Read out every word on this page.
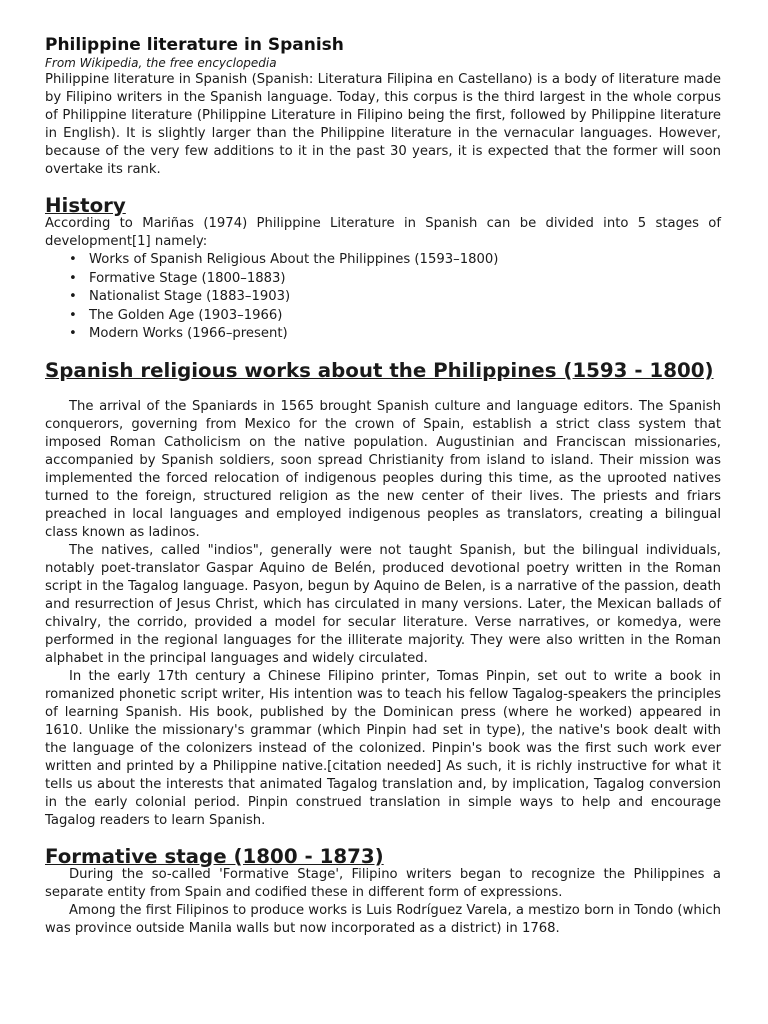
Philippine literature in Spanish

From Wikipedia, the free encyclopedia

Philippine literature in Spanish (Spanish: Literatura Filipina en Castellano) is a body of literature made by Filipino writers in the Spanish language. Today, this corpus is the third largest in the whole corpus of Philippine literature (Philippine Literature in Filipino being the first, followed by Philippine literature in English). It is slightly larger than the Philippine literature in the vernacular languages. However, because of the very few additions to it in the past 30 years, it is expected that the former will soon overtake its rank.

History

According to Mariñas (1974) Philippine Literature in Spanish can be divided into 5 stages of development[1] namely:

• Works of Spanish Religious About the Philippines (1593–1800)
• Formative Stage (1800–1883)
• Nationalist Stage (1883–1903)
• The Golden Age (1903–1966)
• Modern Works (1966–present)
Spanish religious works about the Philippines (1593 - 1800)

The arrival of the Spaniards in 1565 brought Spanish culture and language editors. The Spanish conquerors, governing from Mexico for the crown of Spain, establish a strict class system that imposed Roman Catholicism on the native population. Augustinian and Franciscan missionaries, accompanied by Spanish soldiers, soon spread Christianity from island to island. Their mission was implemented the forced relocation of indigenous peoples during this time, as the uprooted natives turned to the foreign, structured religion as the new center of their lives. The priests and friars preached in local languages and employed indigenous peoples as translators, creating a bilingual class known as ladinos.

The natives, called "indios", generally were not taught Spanish, but the bilingual individuals, notably poet-translator Gaspar Aquino de Belén, produced devotional poetry written in the Roman script in the Tagalog language. Pasyon, begun by Aquino de Belen, is a narrative of the passion, death and resurrection of Jesus Christ, which has circulated in many versions. Later, the Mexican ballads of chivalry, the corrido, provided a model for secular literature. Verse narratives, or komedya, were performed in the regional languages for the illiterate majority. They were also written in the Roman alphabet in the principal languages and widely circulated.

In the early 17th century a Chinese Filipino printer, Tomas Pinpin, set out to write a book in romanized phonetic script writer, His intention was to teach his fellow Tagalog-speakers the principles of learning Spanish. His book, published by the Dominican press (where he worked) appeared in 1610. Unlike the missionary's grammar (which Pinpin had set in type), the native's book dealt with the language of the colonizers instead of the colonized. Pinpin's book was the first such work ever written and printed by a Philippine native.[citation needed] As such, it is richly instructive for what it tells us about the interests that animated Tagalog translation and, by implication, Tagalog conversion in the early colonial period. Pinpin construed translation in simple ways to help and encourage Tagalog readers to learn Spanish.

Formative stage (1800 - 1873)

During the so-called 'Formative Stage', Filipino writers began to recognize the Philippines a separate entity from Spain and codified these in different form of expressions.

Among the first Filipinos to produce works is Luis Rodríguez Varela, a mestizo born in Tondo (which was province outside Manila walls but now incorporated as a district) in 1768.
